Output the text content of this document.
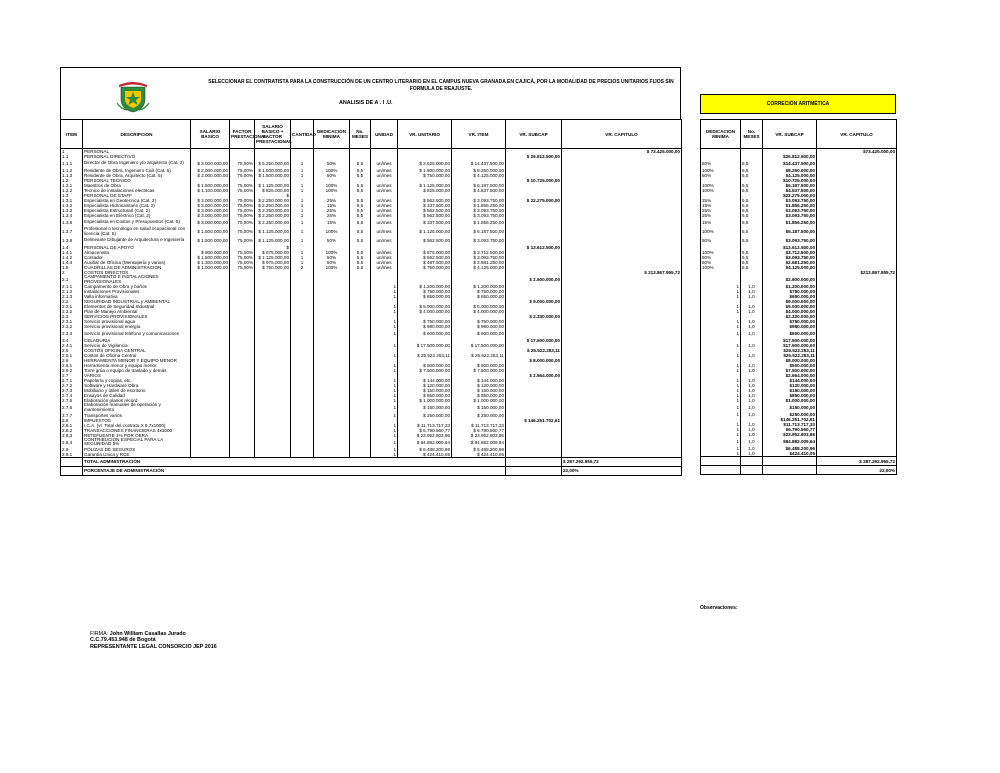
SELECCIONAR EL CONTRATISTA PARA LA CONSTRUCCIÓN DE UN CENTRO LITERARIO EN EL CAMPUS NUEVA GRANADA EN CAJICÁ, POR LA MODALIDAD DE PRECIOS UNITARIOS FIJOS SIN FORMULA DE REAJUSTE.
ANALISIS DE A . I .U.
ITEM	DESCRIPCION	SALARIO BASICO	FACTOR PRESTACIONAL	SALARIO BASICO + FACTOR PRESTACIONAL	CANTIDAD	DEDICACION MINIMA	No. MESES	UNIDAD	VR. UNITARIO	VR. ITEM	VR. SUBCAP	VR. CAPITULO
1	PERSONAL											$ 73.425.000,00
1.1	PERSONAL DIRECTIVO										$ 26.812.500,00	
1.1.1	Director de Obra Ingeniero y/o arquitecto (Cat. 2)	$ 3.000.000,00	75,00%	$ 5.250.000,00	1	50%	5,5	un/mes	$ 2.625.000,00	$ 14.437.500,00		
1.1.2	Residente de Obra, Ingeniero Civil (Cat. 5)	$ 2.000.000,00	75,00%	$ 1.500.000,00	1	100%	5,5	un/mes	$ 1.500.000,00	$ 8.250.000,00		
1.1.3	Residente de Obra, Arquitecto (Cat. 5)	$ 2.000.000,00	75,00%	$ 1.500.000,00	1	50%	5,5	un/mes	$ 750.000,00	$ 4.125.000,00		
1.2	PERSONAL TECNICO										$ 10.725.000,00	
1.2.1	Maestros de Obra	$ 1.500.000,00	75,00%	$ 1.125.000,00	1	100%	5,5	un/mes	$ 1.125.000,00	$ 6.187.500,00		
1.2.2	Tecnico de instalaciones electricas	$ 1.100.000,00	75,00%	$ 825.000,00	1	100%	5,5	un/mes	$ 825.000,00	$ 4.537.500,00		
1.3	PERSONAL DE STAFF			$								
1.3.1	Especialista en Geotecnica (Cat. 2)	$ 3.000.000,00	75,00%	$ 2.250.000,00	1	25%	5,5	un/mes	$ 562.500,00	$ 3.093.750,00	$ 22.275.000,00	
1.3.2	Especialista Hidrosanitario (Cat. 2)	$ 3.000.000,00	75,00%	$ 2.250.000,00	1	15%	5,5	un/mes	$ 337.500,00	$ 1.856.250,00		
1.3.3	Especialista Estructurarl (Cat. 2)	$ 3.000.000,00	75,00%	$ 2.250.000,00	1	25%	5,5	un/mes	$ 562.500,00	$ 3.093.750,00		
1.3.4	Especialista en Eléctrico (Cat. 2)	$ 3.000.000,00	75,00%	$ 2.250.000,00	1	25%	5,5	un/mes	$ 562.500,00	$ 3.093.750,00		
1.3.6	Especialista en Costos y Presupuestos (Cat. 5)	$ 3.000.000,00	75,00%	$ 2.250.000,00	1	15%	5,5	un/mes	$ 337.500,00	$ 1.856.250,00		
1.3.7	Profesional o tecnólogo en salud ocupacional con licencia (Cat. 5)	$ 1.500.000,00	75,00%	$ 1.125.000,00	1	100%	5,5	un/mes	$ 1.125.000,00	$ 6.187.500,00		
1.3.8	Delineante Dibujante de Arquitectura e Ingeniería	$ 1.500.000,00	75,00%	$ 1.125.000,00	1	50%	5,5	un/mes	$ 562.500,00	$ 3.093.750,00		
1.4	PERSONAL DE APOYO			$							$ 13.612.500,00	
1.4.1	Almacenista	$ 900.000,00	75,00%	$ 675.000,00	1	100%	5,5	un/mes	$ 675.000,00	$ 3.712.500,00		
1.4.2	Contador	$ 1.500.000,00	75,00%	$ 1.125.000,00	1	50%	5,5	un/mes	$ 562.500,00	$ 3.093.750,00		
1.4.4	Auxiliar de Oficina (Mensajería y varios)	$ 1.300.000,00	75,00%	$ 975.000,00	1	50%	5,5	un/mes	$ 487.500,00	$ 2.681.250,00		
1.5	CUADRILLAS DE ADMINISTRACION	$ 1.000.000,00	75,00%	$ 750.000,00	2	100%	5,5	un/mes	$ 750.000,00	$ 4.125.000,00		
2	COSTOS DIRECTOS											$ 213.867.955,72
2.1	CAMPAMENTO E INSTALACIONES PROVISIONALES										$ 2.600.000,00	
2.1.1	Campamento de Obra y baños							1	$ 1.200.000,00	$ 1.200.000,00		
2.1.2	Instalaciones Provisionales							1	$ 750.000,00	$ 750.000,00		
2.1.3	Valla informativa							1	$ 650.000,00	$ 650.000,00		
2.2	SEGURIDAD INDUSTRIAL y AMBIENTAL										$ 9.000.000,00	
2.2.1	Elementos de Seguridad Industrial							1	$ 5.000.000,00	$ 5.000.000,00		
2.2.2	Plan de Manejo Ambiental							1	$ 4.000.000,00	$ 4.000.000,00		
2.3	SERVICIOS PROVISIONALES										$ 2.330.000,00	
2.3.1	Servicio provisional agua							1	$ 750.000,00	$ 750.000,00		
2.3.2	Servicio provisional energía							1	$ 980.000,00	$ 980.000,00		
2.3.3	Servicio provisional teléfono y comunicaciones							1	$ 600.000,00	$ 600.000,00		
2.4	CELADURÍA										$ 17.500.000,00	
2.4.1	Servicio de Vigilancia							1	$ 17.500.000,00	$ 17.500.000,00		
2.5	COSTOS OFICINA CENTRAL										$ 25.522.253,11	
2.5.1	Costos de Oficina Central							1	$ 25.522.253,11	$ 25.522.253,11		
2.6	HERRAMIENTA MENOR Y EQUIPO MENOR										$ 8.000.000,00	
2.6.1	Herramienta menor y equipo menor							1	$ 500.000,00	$ 500.000,00		
2.6.2	Torre grúa o equipo de traslado y demás							1	$ 7.500.000,00	$ 7.500.000,00		
2.7	VARIOS										$ 2.664.000,00	
2.7.1	Papelería y copias, etc.							1	$ 144.000,00	$ 144.000,00		
2.7.2	Software y Hardware Obra							1	$ 120.000,00	$ 120.000,00		
2.7.3	Mobiliario y útiles de escritorio							1	$ 150.000,00	$ 150.000,00		
2.7.4	Ensayos de Calidad							1	$ 850.000,00	$ 850.000,00		
2.7.5	Elaboración planos récord							1	$ 1.000.000,00	$ 1.000.000,00		
2.7.6	Elaboración manuales de operación y mantenimiento							1	$ 150.000,00	$ 150.000,00		
2.7.7	Transportes varios							1	$ 250.000,00	$ 250.000,00		
2.8	IMPUESTOS										$ 146.251.702,61	
2.8.1	I.C.A. (vr. Total del contrato X 9,7x1000)							1	$ 11.713.717,33	$ 11.713.717,33		
2.8.2	TRANSACCIONES FINANCIERAS 4x1000							1	$ 6.790.560,77	$ 6.790.560,77		
2.8.3	RETEFUENTE 1% POR OBRA							1	$ 23.952.803,86	$ 23.952.803,86		
2.8.4	CONTRIBUCION ESPECIAL PARA LA SEGURIDAD 5%							1	$ 84.882.009,64	$ 84.882.009,64		
2.9	PÓLIZAS DE SEGUROS							1	$ 6.488.200,96	$ 6.488.200,96		
2.9.1	Garantía Única y RCE							1	$ 424.410,05	$ 424.410,05		
	TOTAL ADMINISTRACIÓN											$ 287.292.955,72
	PORCENTAJE DE ADMINISTRACIÓN											22,00%
CORRECIÓN ARITMÉTICA
DEDICACION MINIMA	No. MESES	VR. SUBCAP	VR. CAPITULO
			$73.425.000,00
		$26.812.500,00	
50%	5,5	$14.437.500,00	
100%	5,5	$8.250.000,00	
50%	5,5	$4.125.000,00	
		$10.725.000,00	
100%	5,5	$6.187.500,00	
100%	5,5	$4.537.500,00	
		$22.275.000,00	
25%	5,5	$3.093.750,00	
15%	5,5	$1.856.250,00	
25%	5,5	$3.093.750,00	
25%	5,5	$3.093.750,00	
15%	5,5	$1.856.250,00	
100%	5,5	$6.187.500,00	
50%	5,5	$3.093.750,00	
		$13.612.500,00	
100%	5,5	$3.712.500,00	
50%	5,5	$3.093.750,00	
50%	5,5	$2.681.250,00	
100%	5,5	$4.125.000,00	
			$213.867.955,72
		$2.600.000,00	
1	1,0	$1.200.000,00	
1	1,0	$750.000,00	
1	1,0	$650.000,00	
		$9.000.000,00	
1	1,0	$5.000.000,00	
1	1,0	$4.000.000,00	
		$2.330.000,00	
1	1,0	$750.000,00	
1	1,0	$980.000,00	
1	1,0	$600.000,00	
		$17.500.000,00	
1	1,0	$17.500.000,00	
		$25.522.253,11	
1	1,0	$25.522.253,11	
		$8.000.000,00	
1	1,0	$500.000,00	
1	1,0	$7.500.000,00	
		$2.664.000,00	
1	1,0	$144.000,00	
1	1,0	$120.000,00	
1	1,0	$150.000,00	
1	1,0	$850.000,00	
1	1,0	$1.000.000,00	
1	1,0	$150.000,00	
1	1,0	$250.000,00	
		$146.251.702,61	
1	1,0	$11.713.717,33	
1	1,0	$6.790.560,77	
1	1,0	$23.952.803,86	
1	1,0	$84.882.009,64	
1	1,0	$6.488.200,96	
1	1,0	$424.410,05	
			$ 287.292.955,72
			22,00%
Observaciones:
FIRMA: John William Casallas Jurado
C.C.79.453.948 de Bogotá
REPRESENTANTE LEGAL CONSORCIO JEP 2016
